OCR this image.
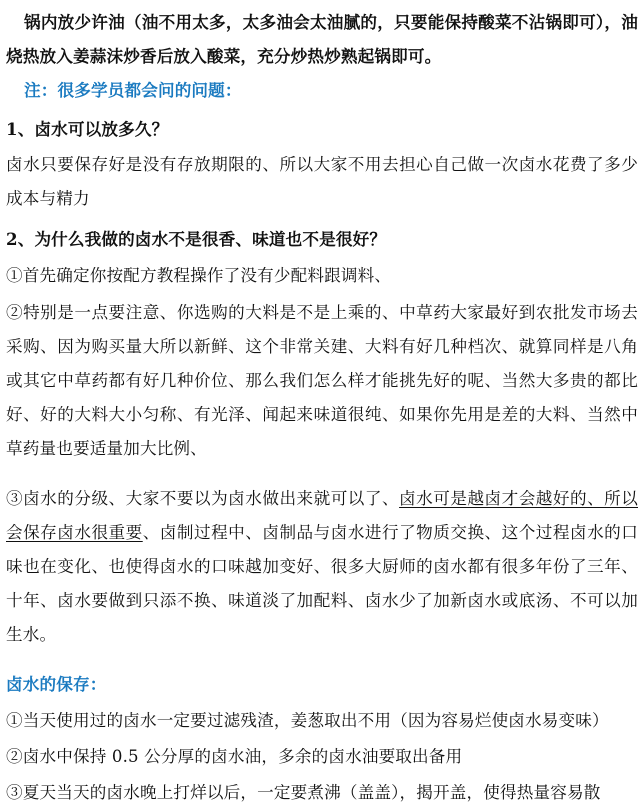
锅内放少许油（油不用太多，太多油会太油腻的，只要能保持酸菜不沾锅即可），油烧热放入姜蒜沫炒香后放入酸菜，充分炒热炒熟起锅即可。

注：很多学员都会问的问题：

1、卤水可以放多久？

卤水只要保存好是没有存放期限的、所以大家不用去担心自己做一次卤水花费了多少成本与精力

2、为什么我做的卤水不是很香、味道也不是很好？

①首先确定你按配方教程操作了没有少配料跟调料、

②特别是一点要注意、你选购的大料是不是上乘的、中草药大家最好到农批发市场去采购、因为购买量大所以新鲜、这个非常关建、大料有好几种档次、就算同样是八角或其它中草药都有好几种价位、那么我们怎么样才能挑先好的呢、当然大多贵的都比好、好的大料大小匀称、有光泽、闻起来味道很纯、如果你先用是差的大料、当然中草药量也要适量加大比例、

③卤水的分级、大家不要以为卤水做出来就可以了、卤水可是越卤才会越好的、所以会保存卤水很重要、卤制过程中、卤制品与卤水进行了物质交换、这个过程卤水的口味也在变化、也使得卤水的口味越加变好、很多大厨师的卤水都有很多年份了三年、十年、卤水要做到只添不换、味道淡了加配料、卤水少了加新卤水或底汤、不可以加生水。

卤水的保存：

①当天使用过的卤水一定要过滤残渣，姜葱取出不用（因为容易烂使卤水易变味）

②卤水中保持 0.5 公分厚的卤水油，多余的卤水油要取出备用

③夏天当天的卤水晚上打烊以后，一定要煮沸（盖盖），揭开盖，使得热量容易散
